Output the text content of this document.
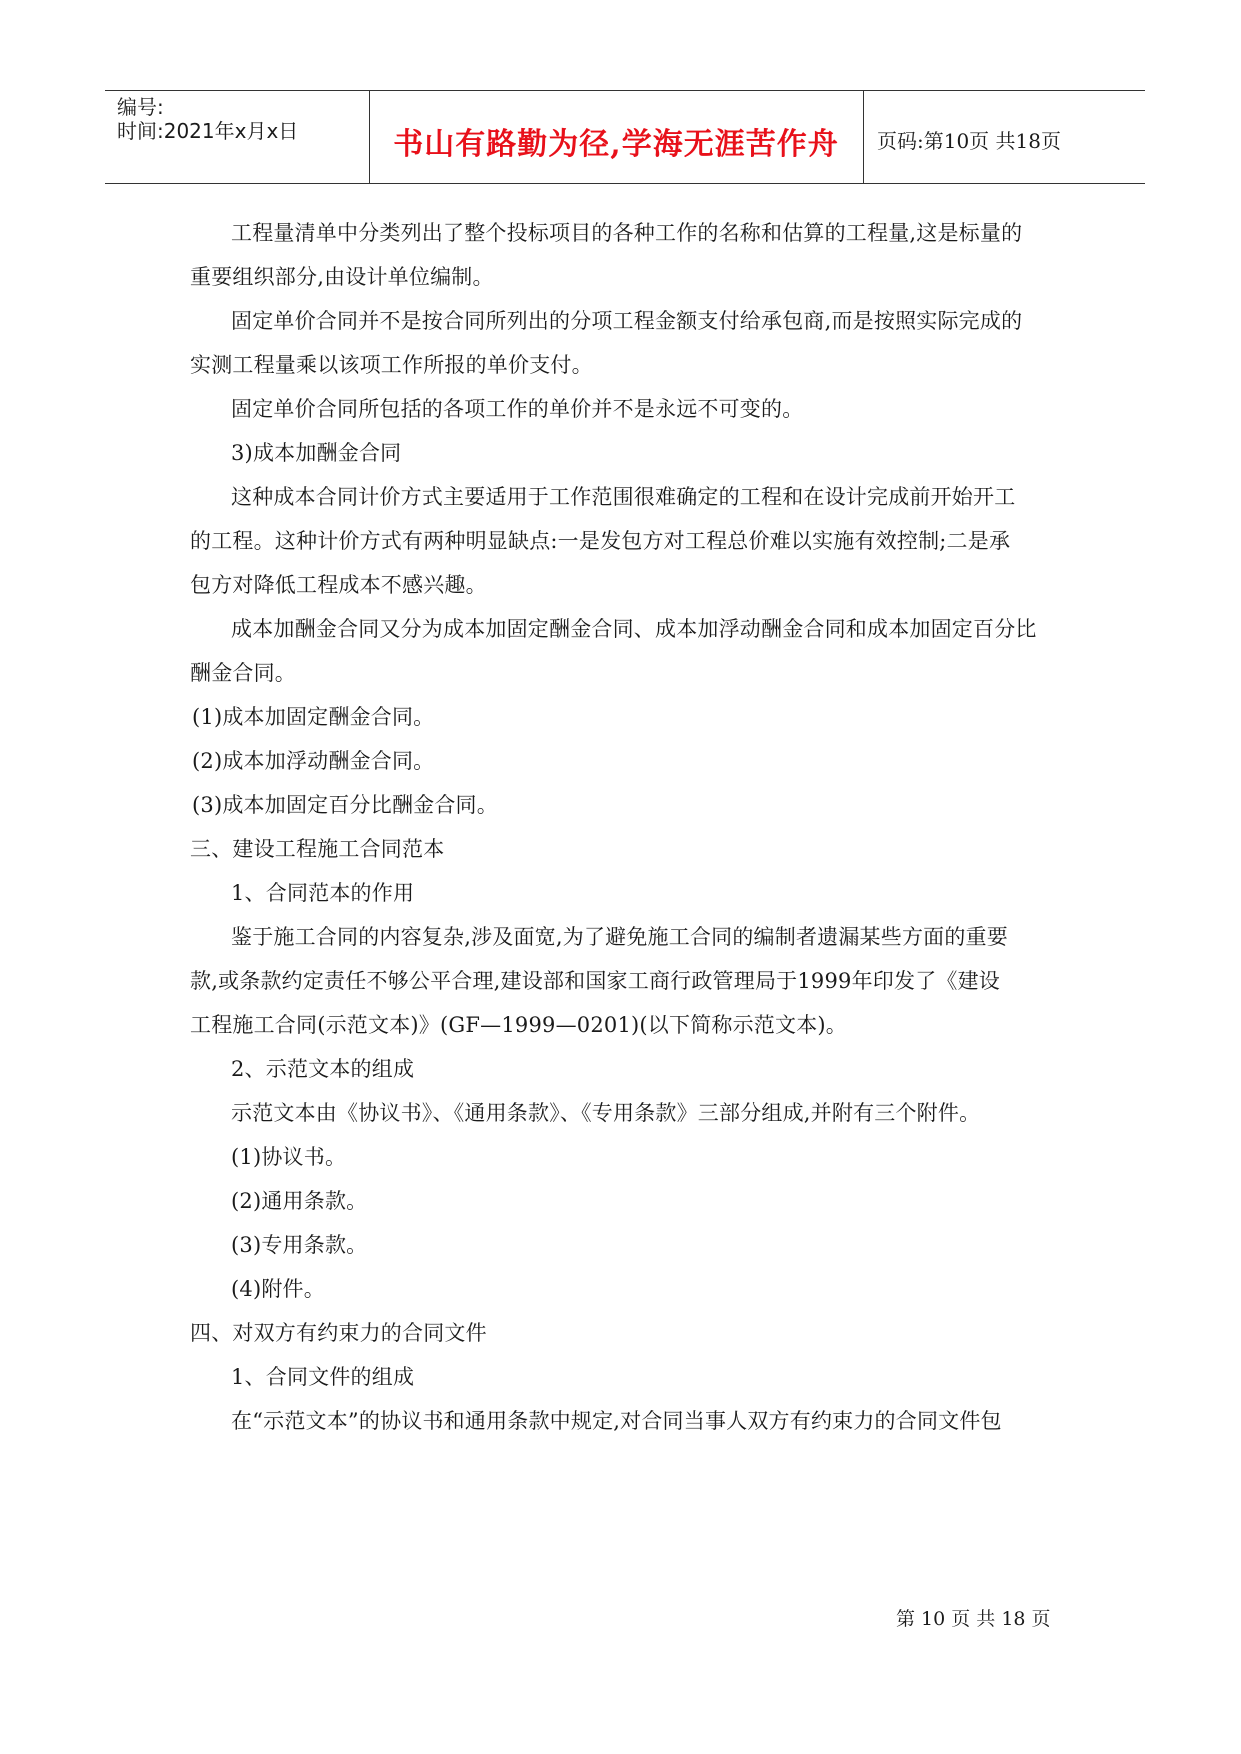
编号:
时间:2021年x月x日	书山有路勤为径,学海无涯苦作舟	页码:第10页 共18页
工程量清单中分类列出了整个投标项目的各种工作的名称和估算的工程量,这是标量的
重要组织部分,由设计单位编制。
固定单价合同并不是按合同所列出的分项工程金额支付给承包商,而是按照实际完成的
实测工程量乘以该项工作所报的单价支付。
固定单价合同所包括的各项工作的单价并不是永远不可变的。
3)成本加酬金合同
这种成本合同计价方式主要适用于工作范围很难确定的工程和在设计完成前开始开工
的工程。这种计价方式有两种明显缺点:一是发包方对工程总价难以实施有效控制;二是承
包方对降低工程成本不感兴趣。
成本加酬金合同又分为成本加固定酬金合同、成本加浮动酬金合同和成本加固定百分比
酬金合同。
(1)成本加固定酬金合同。
(2)成本加浮动酬金合同。
(3)成本加固定百分比酬金合同。
三、建设工程施工合同范本
1、合同范本的作用
鉴于施工合同的内容复杂,涉及面宽,为了避免施工合同的编制者遗漏某些方面的重要
款,或条款约定责任不够公平合理,建设部和国家工商行政管理局于1999年印发了《建设
工程施工合同(示范文本)》(GF—1999—0201)(以下简称示范文本)。
2、示范文本的组成
示范文本由《协议书》、《通用条款》、《专用条款》三部分组成,并附有三个附件。
(1)协议书。
(2)通用条款。
(3)专用条款。
(4)附件。
四、对双方有约束力的合同文件
1、合同文件的组成
在“示范文本”的协议书和通用条款中规定,对合同当事人双方有约束力的合同文件包
第 10 页 共 18 页
